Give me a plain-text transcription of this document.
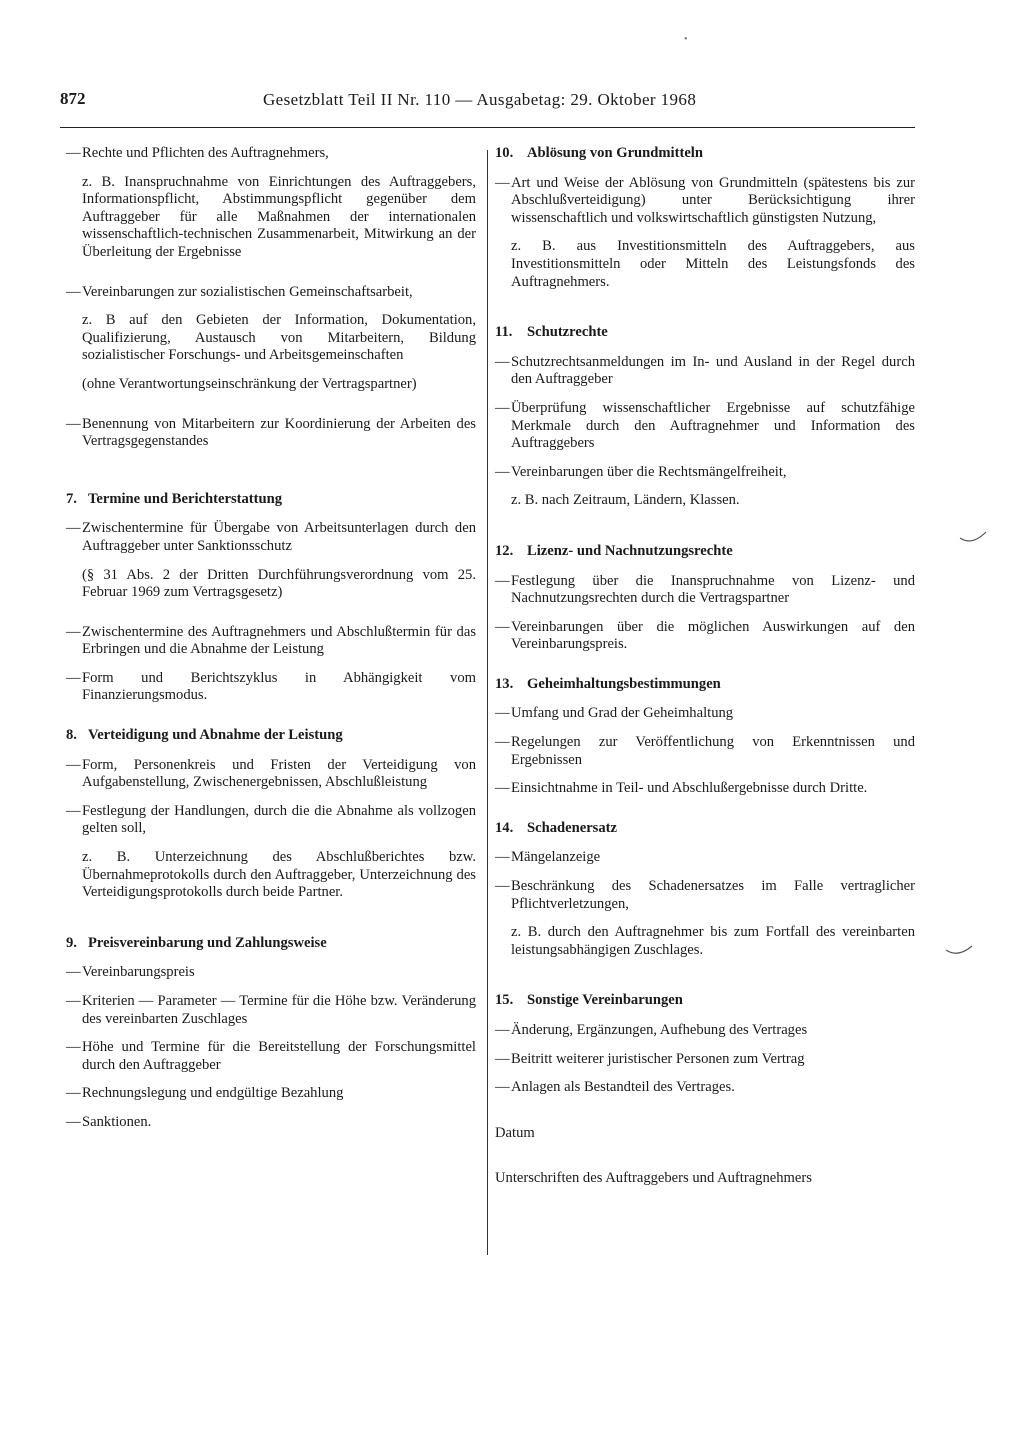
872	Gesetzblatt Teil II Nr. 110 — Ausgabetag: 29. Oktober 1968
— Rechte und Pflichten des Auftragnehmers,
z. B. Inanspruchnahme von Einrichtungen des Auftraggebers, Informationspflicht, Abstimmungspflicht gegenüber dem Auftraggeber für alle Maßnahmen der internationalen wissenschaftlich-technischen Zusammenarbeit, Mitwirkung an der Überleitung der Ergebnisse
— Vereinbarungen zur sozialistischen Gemeinschaftsarbeit,
z. B auf den Gebieten der Information, Dokumentation, Qualifizierung, Austausch von Mitarbeitern, Bildung sozialistischer Forschungs- und Arbeitsgemeinschaften
(ohne Verantwortungseinschränkung der Vertragspartner)
— Benennung von Mitarbeitern zur Koordinierung der Arbeiten des Vertragsgegenstandes
7. Termine und Berichterstattung
— Zwischentermine für Übergabe von Arbeitsunterlagen durch den Auftraggeber unter Sanktionsschutz
(§ 31 Abs. 2 der Dritten Durchführungsverordnung vom 25. Februar 1969 zum Vertragsgesetz)
— Zwischentermine des Auftragnehmers und Abschlußtermin für das Erbringen und die Abnahme der Leistung
— Form und Berichtszyklus in Abhängigkeit vom Finanzierungsmodus.
8. Verteidigung und Abnahme der Leistung
— Form, Personenkreis und Fristen der Verteidigung von Aufgabenstellung, Zwischenergebnissen, Abschlußleistung
— Festlegung der Handlungen, durch die die Abnahme als vollzogen gelten soll,
z. B. Unterzeichnung des Abschlußberichtes bzw. Übernahmeprotokolls durch den Auftraggeber, Unterzeichnung des Verteidigungsprotokolls durch beide Partner.
9. Preisvereinbarung und Zahlungsweise
— Vereinbarungspreis
— Kriterien — Parameter — Termine für die Höhe bzw. Veränderung des vereinbarten Zuschlages
— Höhe und Termine für die Bereitstellung der Forschungsmittel durch den Auftraggeber
— Rechnungslegung und endgültige Bezahlung
— Sanktionen.
10. Ablösung von Grundmitteln
— Art und Weise der Ablösung von Grundmitteln (spätestens bis zur Abschlußverteidigung) unter Berücksichtigung ihrer wissenschaftlich und volkswirtschaftlich günstigsten Nutzung,
z. B. aus Investitionsmitteln des Auftraggebers, aus Investitionsmitteln oder Mitteln des Leistungsfonds des Auftragnehmers.
11. Schutzrechte
— Schutzrechtsanmeldungen im In- und Ausland in der Regel durch den Auftraggeber
— Überprüfung wissenschaftlicher Ergebnisse auf schutzfähige Merkmale durch den Auftragnehmer und Information des Auftraggebers
— Vereinbarungen über die Rechtsmängelfreiheit,
z. B. nach Zeitraum, Ländern, Klassen.
12. Lizenz- und Nachnutzungsrechte
— Festlegung über die Inanspruchnahme von Lizenz- und Nachnutzungsrechten durch die Vertragspartner
— Vereinbarungen über die möglichen Auswirkungen auf den Vereinbarungspreis.
13. Geheimhaltungsbestimmungen
— Umfang und Grad der Geheimhaltung
— Regelungen zur Veröffentlichung von Erkenntnissen und Ergebnissen
— Einsichtnahme in Teil- und Abschlußergebnisse durch Dritte.
14. Schadenersatz
— Mängelanzeige
— Beschränkung des Schadenersatzes im Falle vertraglicher Pflichtverletzungen,
z. B. durch den Auftragnehmer bis zum Fortfall des vereinbarten leistungsabhängigen Zuschlages.
15. Sonstige Vereinbarungen
— Änderung, Ergänzungen, Aufhebung des Vertrages
— Beitritt weiterer juristischer Personen zum Vertrag
— Anlagen als Bestandteil des Vertrages.
Datum
Unterschriften des Auftraggebers und Auftragnehmers
•
